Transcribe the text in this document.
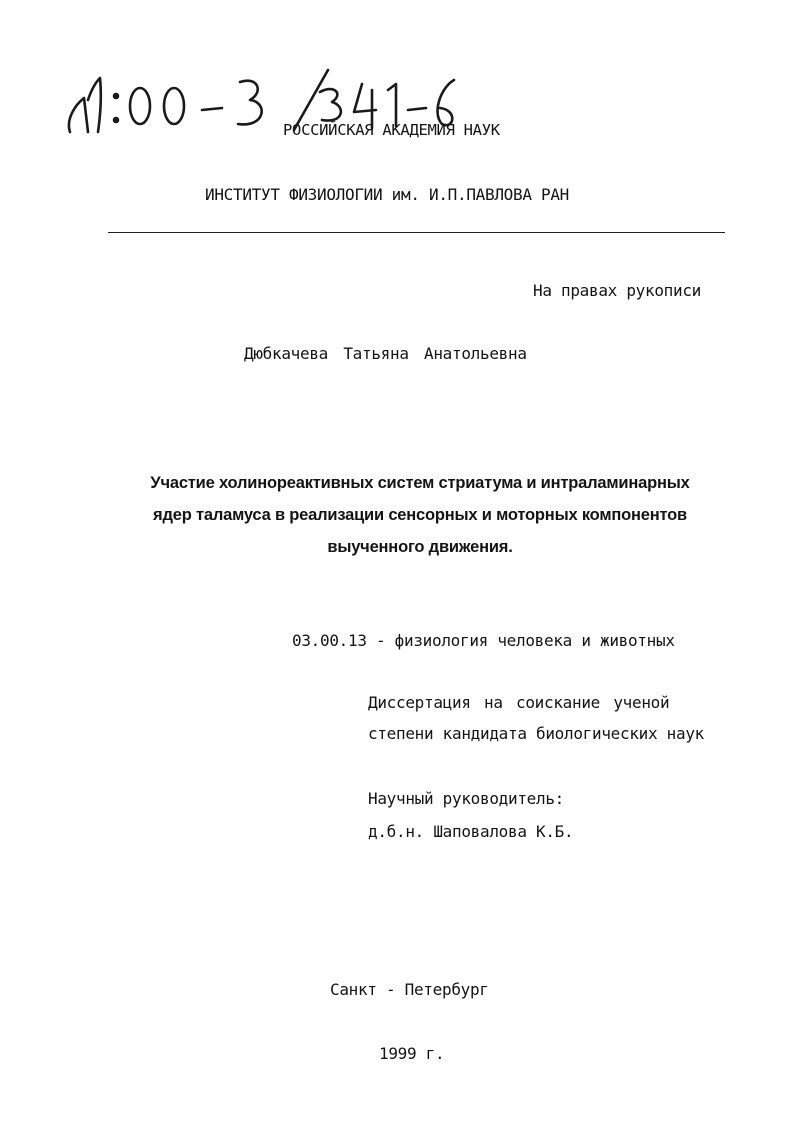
РОССИЙСКАЯ АКАДЕМИЯ НАУК
ИНСТИТУТ ФИЗИОЛОГИИ им. И.П.ПАВЛОВА РАН
На правах рукописи
Дюбкачева Татьяна Анатольевна
Участие холинореактивных систем стриатума и интраламинарных
ядер таламуса в реализации сенсорных и моторных компонентов
выученного движения.
03.00.13 - физиология человека и животных
Диссертация на соискание ученой
степени кандидата биологических наук
Научный руководитель:
д.б.н. Шаповалова К.Б.
Санкт - Петербург
1999 г.
